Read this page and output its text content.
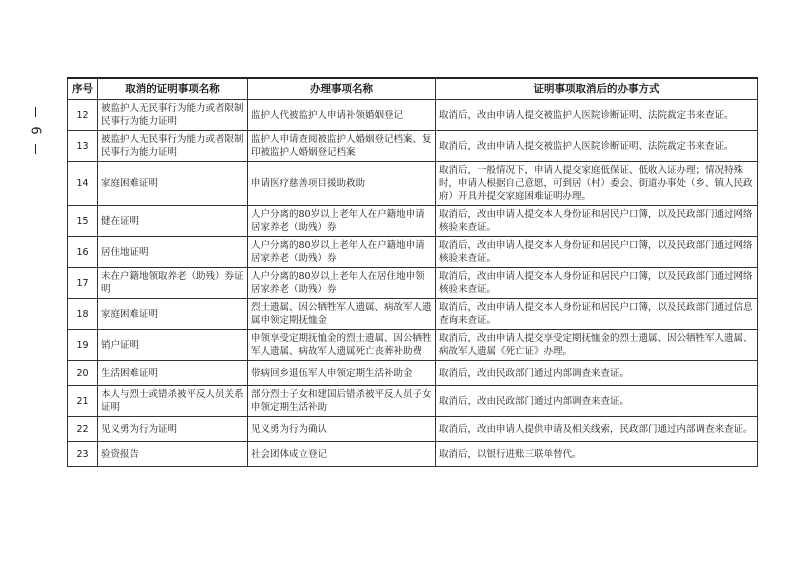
6
序号	取消的证明事项名称	办理事项名称	证明事项取消后的办事方式
12	被监护人无民事行为能力或者限制民事行为能力证明	监护人代被监护人申请补领婚姻登记	取消后，改由申请人提交被监护人医院诊断证明、法院裁定书来查证。
13	被监护人无民事行为能力或者限制民事行为能力证明	监护人申请查阅被监护人婚姻登记档案、复印被监护人婚姻登记档案	取消后，改由申请人提交被监护人医院诊断证明、法院裁定书来查证。
14	家庭困难证明	申请医疗慈善项目援助救助	取消后，一般情况下，申请人提交家庭低保证、低收入证办理；情况特殊时，申请人根据自己意愿，可到居（村）委会、街道办事处（乡、镇人民政府）开具并提交家庭困难证明办理。
15	健在证明	人户分离的80岁以上老年人在户籍地申请居家养老（助残）券	取消后，改由申请人提交本人身份证和居民户口簿，以及民政部门通过网络核验来查证。
16	居住地证明	人户分离的80岁以上老年人在户籍地申请居家养老（助残）券	取消后，改由申请人提交本人身份证和居民户口簿，以及民政部门通过网络核验来查证。
17	未在户籍地领取养老（助残）券证明	人户分离的80岁以上老年人在居住地申领居家养老（助残）券	取消后，改由申请人提交本人身份证和居民户口簿，以及民政部门通过网络核验来查证。
18	家庭困难证明	烈士遗属、因公牺牲军人遗属、病故军人遗属申领定期抚恤金	取消后，改由申请人提交本人身份证和居民户口簿，以及民政部门通过信息查询来查证。
19	销户证明	申领享受定期抚恤金的烈士遗属、因公牺牲军人遗属、病故军人遗属死亡丧葬补助费	取消后，改由申请人提交享受定期抚恤金的烈士遗属、因公牺牲军人遗属、病故军人遗属《死亡证》办理。
20	生活困难证明	带病回乡退伍军人申领定期生活补助金	取消后，改由民政部门通过内部调查来查证。
21	本人与烈士或错杀被平反人员关系证明	部分烈士子女和建国后错杀被平反人员子女申领定期生活补助	取消后，改由民政部门通过内部调查来查证。
22	见义勇为行为证明	见义勇为行为确认	取消后，改由申请人提供申请及相关线索，民政部门通过内部调查来查证。
23	验资报告	社会团体成立登记	取消后，以银行进账三联单替代。
